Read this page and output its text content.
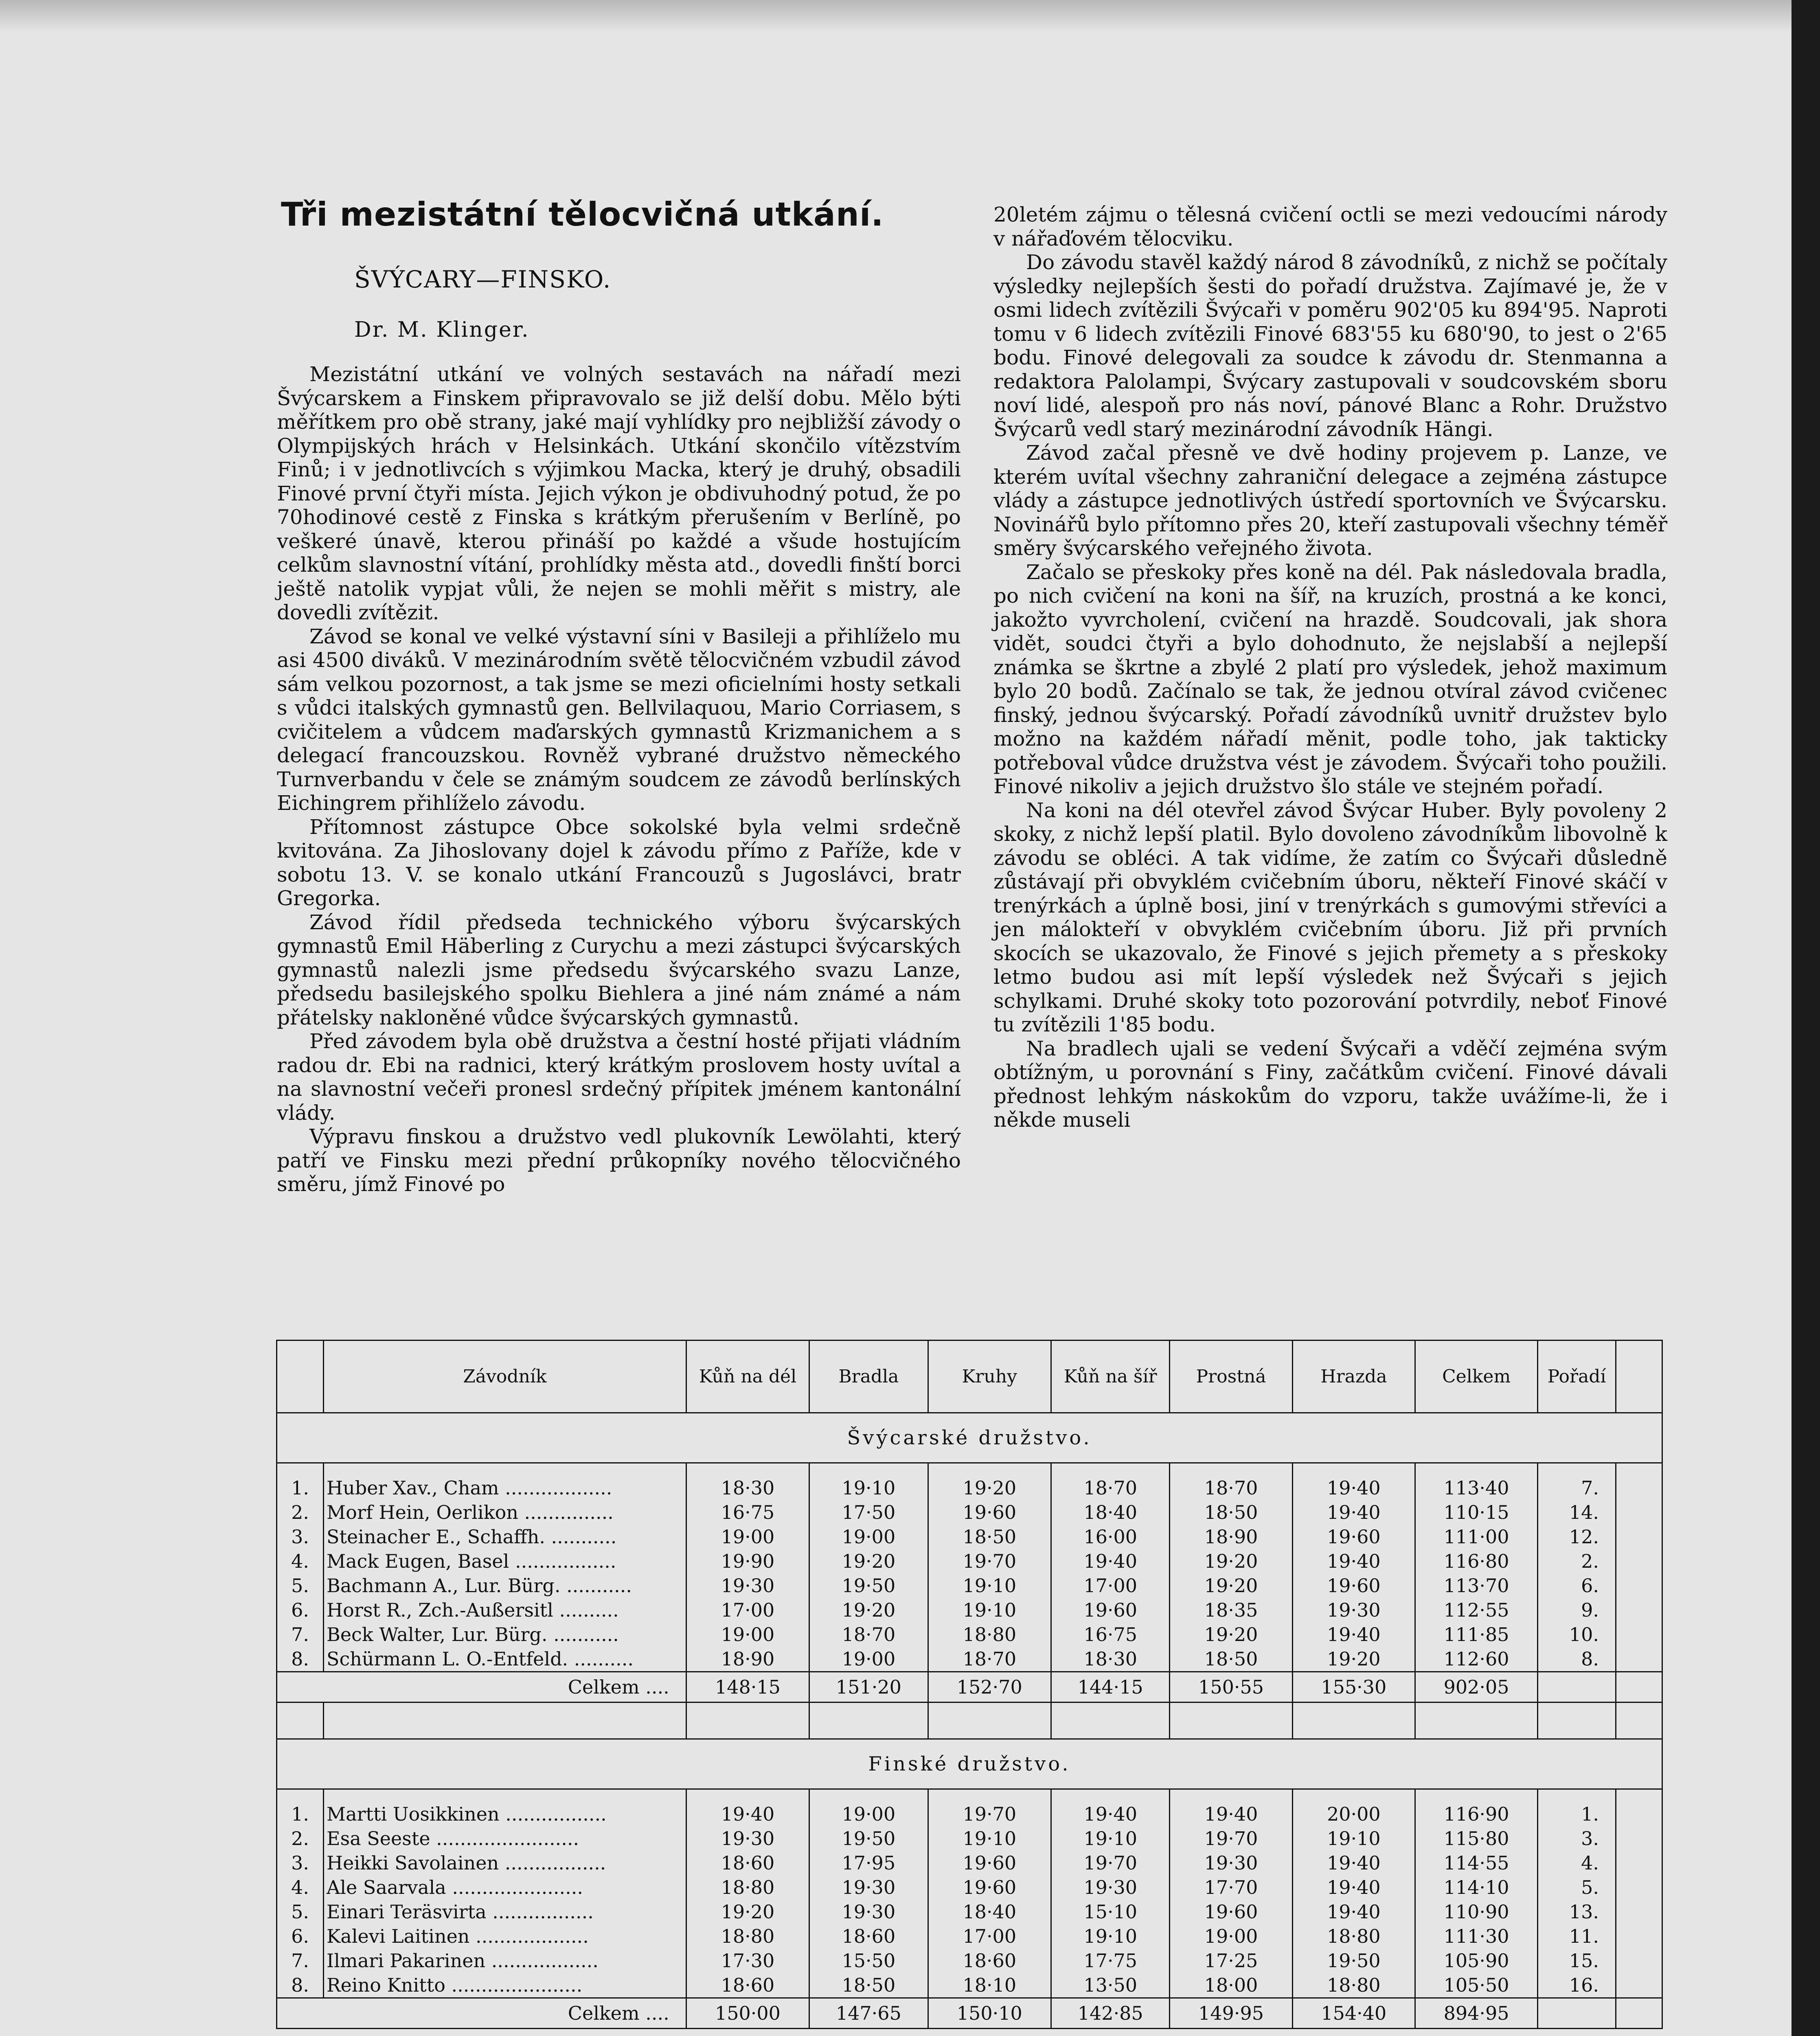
Tři mezistátní tělocvičná utkání.

ŠVÝCARY—FINSKO.

Dr. M. Klinger.

Mezistátní utkání ve volných sestavách na nářadí mezi Švýcarskem a Finskem připravovalo se již delší dobu. Mělo býti měřítkem pro obě strany, jaké mají vyhlídky pro nejbližší závody o Olympijských hrách v Helsinkách. Utkání skončilo vítězstvím Finů; i v jednotlivcích s výjimkou Macka, který je druhý, obsadili Finové první čtyři místa. Jejich výkon je obdivuhodný potud, že po 70hodinové cestě z Finska s krátkým přerušením v Berlíně, po veškeré únavě, kterou přináší po každé a všude hostujícím celkům slavnostní vítání, prohlídky města atd., dovedli finští borci ještě natolik vypjat vůli, že nejen se mohli měřit s mistry, ale dovedli zvítězit.

Závod se konal ve velké výstavní síni v Basileji a přihlíželo mu asi 4500 diváků. V mezinárodním světě tělocvičném vzbudil závod sám velkou pozornost, a tak jsme se mezi oficielními hosty setkali s vůdci italských gymnastů gen. Bellvilaquou, Mario Corriasem, s cvičitelem a vůdcem maďarských gymnastů Krizmanichem a s delegací francouzskou. Rovněž vybrané družstvo německého Turnverbandu v čele se známým soudcem ze závodů berlínských Eichingrem přihlíželo závodu.

Přítomnost zástupce Obce sokolské byla velmi srdečně kvitována. Za Jihoslovany dojel k závodu přímo z Paříže, kde v sobotu 13. V. se konalo utkání Francouzů s Jugoslávci, bratr Gregorka.

Závod řídil předseda technického výboru švýcarských gymnastů Emil Häberling z Curychu a mezi zástupci švýcarských gymnastů nalezli jsme předsedu švýcarského svazu Lanze, předsedu basilejského spolku Biehlera a jiné nám známé a nám přátelsky nakloněné vůdce švýcarských gymnastů.

Před závodem byla obě družstva a čestní hosté přijati vládním radou dr. Ebi na radnici, který krátkým proslovem hosty uvítal a na slavnostní večeři pronesl srdečný přípitek jménem kantonální vlády.

Výpravu finskou a družstvo vedl plukovník Lewölahti, který patří ve Finsku mezi přední průkopníky nového tělocvičného směru, jímž Finové po

20letém zájmu o tělesná cvičení octli se mezi vedoucími národy v nářaďovém tělocviku.

Do závodu stavěl každý národ 8 závodníků, z nichž se počítaly výsledky nejlepších šesti do pořadí družstva. Zajímavé je, že v osmi lidech zvítězili Švýcaři v poměru 902'05 ku 894'95. Naproti tomu v 6 lidech zvítězili Finové 683'55 ku 680'90, to jest o 2'65 bodu. Finové delegovali za soudce k závodu dr. Stenmanna a redaktora Palolampi, Švýcary zastupovali v soudcovském sboru noví lidé, alespoň pro nás noví, pánové Blanc a Rohr. Družstvo Švýcarů vedl starý mezinárodní závodník Hängi.

Závod začal přesně ve dvě hodiny projevem p. Lanze, ve kterém uvítal všechny zahraniční delegace a zejména zástupce vlády a zástupce jednotlivých ústředí sportovních ve Švýcarsku. Novinářů bylo přítomno přes 20, kteří zastupovali všechny téměř směry švýcarského veřejného života.

Začalo se přeskoky přes koně na dél. Pak následovala bradla, po nich cvičení na koni na šíř, na kruzích, prostná a ke konci, jakožto vyvrcholení, cvičení na hrazdě. Soudcovali, jak shora vidět, soudci čtyři a bylo dohodnuto, že nejslabší a nejlepší známka se škrtne a zbylé 2 platí pro výsledek, jehož maximum bylo 20 bodů. Začínalo se tak, že jednou otvíral závod cvičenec finský, jednou švýcarský. Pořadí závodníků uvnitř družstev bylo možno na každém nářadí měnit, podle toho, jak takticky potřeboval vůdce družstva vést je závodem. Švýcaři toho použili. Finové nikoliv a jejich družstvo šlo stále ve stejném pořadí.

Na koni na dél otevřel závod Švýcar Huber. Byly povoleny 2 skoky, z nichž lepší platil. Bylo dovoleno závodníkům libovolně k závodu se obléci. A tak vidíme, že zatím co Švýcaři důsledně zůstávají při obvyklém cvičebním úboru, někteří Finové skáčí v trenýrkách a úplně bosi, jiní v trenýrkách s gumovými střevíci a jen málokteří v obvyklém cvičebním úboru. Již při prvních skocích se ukazovalo, že Finové s jejich přemety a s přeskoky letmo budou asi mít lepší výsledek než Švýcaři s jejich schylkami. Druhé skoky toto pozorování potvrdily, neboť Finové tu zvítězili 1'85 bodu.

Na bradlech ujali se vedení Švýcaři a vděčí zejména svým obtížným, u porovnání s Finy, začátkům cvičení. Finové dávali přednost lehkým náskokům do vzporu, takže uvážíme-li, že i někde museli

	Závodník	Kůň na dél	Bradla	Kruhy	Kůň na šíř	Prostná	Hrazda	Celkem	Pořadí	
Švýcarské družstvo.										

1.	Huber Xav., Cham ..................	18·30	19·10	19·20	18·70	18·70	19·40	113·40	7.	
2.	Morf Hein, Oerlikon ...............	16·75	17·50	19·60	18·40	18·50	19·40	110·15	14.	
3.	Steinacher E., Schaffh. ...........	19·00	19·00	18·50	16·00	18·90	19·60	111·00	12.	
4.	Mack Eugen, Basel .................	19·90	19·20	19·70	19·40	19·20	19·40	116·80	2.	
5.	Bachmann A., Lur. Bürg. ...........	19·30	19·50	19·10	17·00	19·20	19·60	113·70	6.	
6.	Horst R., Zch.-Außersitl ..........	17·00	19·20	19·10	19·60	18·35	19·30	112·55	9.	
7.	Beck Walter, Lur. Bürg. ...........	19·00	18·70	18·80	16·75	19·20	19·40	111·85	10.	
8.	Schürmann L. O.-Entfeld. ..........	18·90	19·00	18·70	18·30	18·50	19·20	112·60	8.	
	Celkem ....	148·15	151·20	152·70	144·15	150·55	155·30	902·05		

Finské družstvo.										

1.	Martti Uosikkinen .................	19·40	19·00	19·70	19·40	19·40	20·00	116·90	1.	
2.	Esa Seeste ........................	19·30	19·50	19·10	19·10	19·70	19·10	115·80	3.	
3.	Heikki Savolainen .................	18·60	17·95	19·60	19·70	19·30	19·40	114·55	4.	
4.	Ale Saarvala ......................	18·80	19·30	19·60	19·30	17·70	19·40	114·10	5.	
5.	Einari Teräsvirta .................	19·20	19·30	18·40	15·10	19·60	19·40	110·90	13.	
6.	Kalevi Laitinen ...................	18·80	18·60	17·00	19·10	19·00	18·80	111·30	11.	
7.	Ilmari Pakarinen ..................	17·30	15·50	18·60	17·75	17·25	19·50	105·90	15.	
8.	Reino Knitto ......................	18·60	18·50	18·10	13·50	18·00	18·80	105·50	16.	
	Celkem ....	150·00	147·65	150·10	142·85	149·95	154·40	894·95		
